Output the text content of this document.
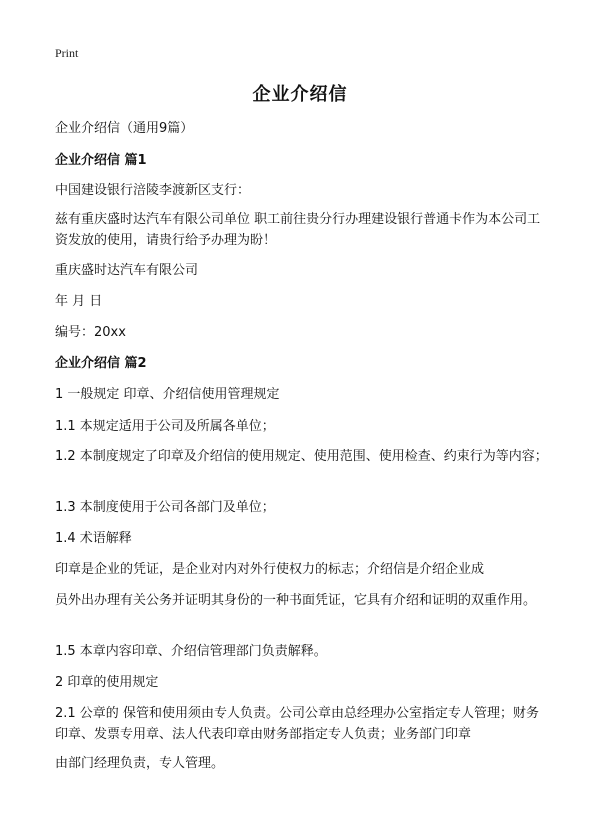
Print
企业介绍信
企业介绍信（通用9篇）
企业介绍信 篇1
中国建设银行涪陵李渡新区支行：
兹有重庆盛时达汽车有限公司单位 职工前往贵分行办理建设银行普通卡作为本公司工资发放的使用，请贵行给予办理为盼！
重庆盛时达汽车有限公司
年 月 日
编号：20xx
企业介绍信 篇2
1 一般规定 印章、介绍信使用管理规定
1.1 本规定适用于公司及所属各单位；
1.2 本制度规定了印章及介绍信的使用规定、使用范围、使用检查、约束行为等内容；
1.3 本制度使用于公司各部门及单位；
1.4 术语解释
印章是企业的凭证，是企业对内对外行使权力的标志；介绍信是介绍企业成
员外出办理有关公务并证明其身份的一种书面凭证，它具有介绍和证明的双重作用。
1.5 本章内容印章、介绍信管理部门负责解释。
2 印章的使用规定
2.1 公章的 保管和使用须由专人负责。公司公章由总经理办公室指定专人管理；财务印章、发票专用章、法人代表印章由财务部指定专人负责；业务部门印章
由部门经理负责，专人管理。
